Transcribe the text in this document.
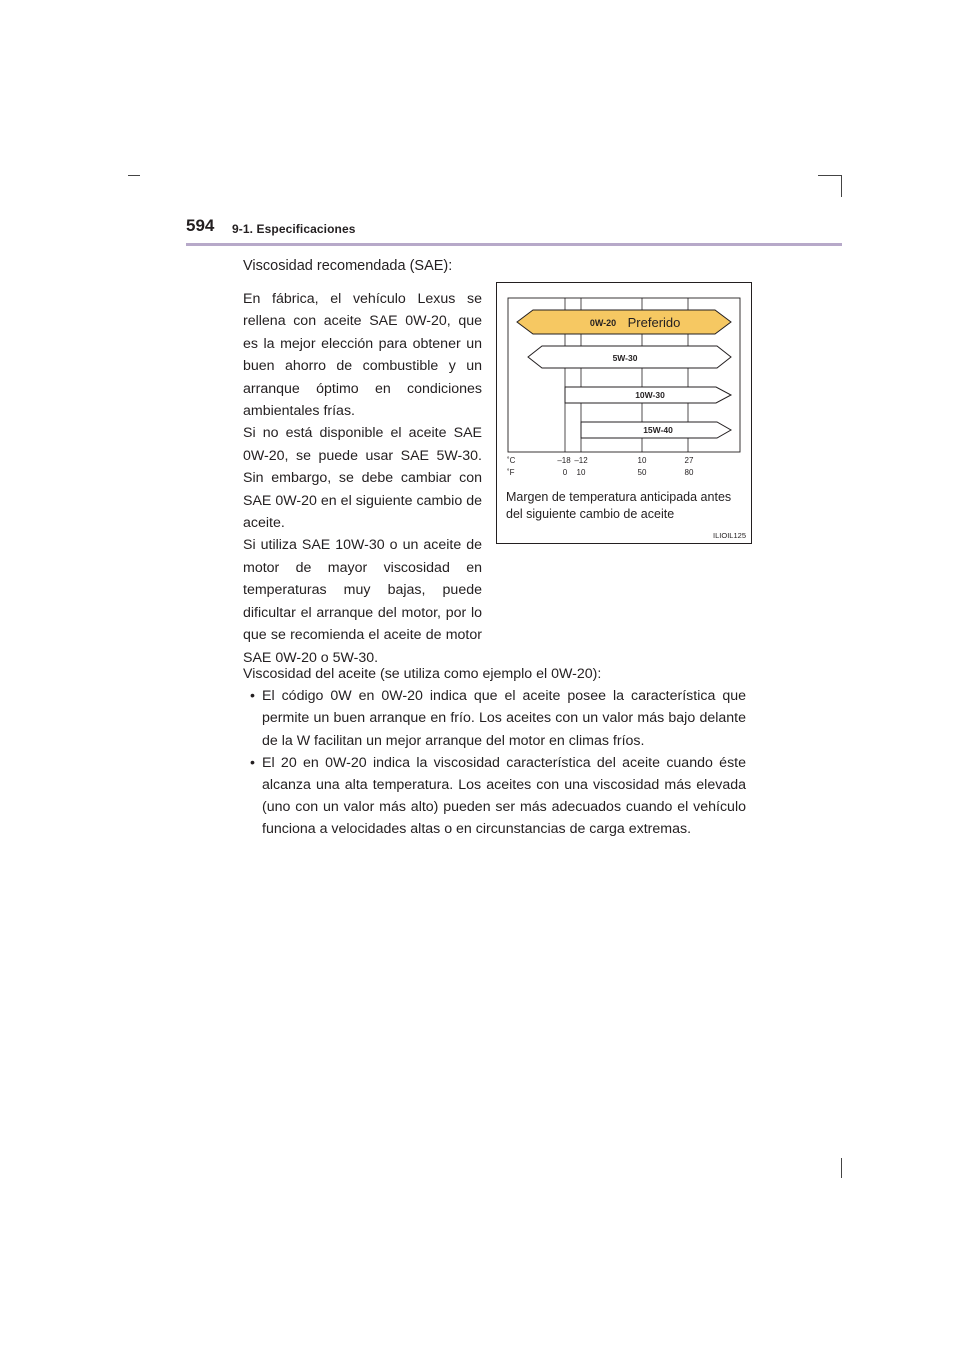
594 9-1. Especificaciones
Viscosidad recomendada (SAE):

En fábrica, el vehículo Lexus se rellena con aceite SAE 0W-20, que es la mejor elección para obtener un buen ahorro de combustible y un arranque óptimo en condiciones ambientales frías.

Si no está disponible el aceite SAE 0W-20, se puede usar SAE 5W-30. Sin embargo, se debe cambiar con SAE 0W-20 en el siguiente cambio de aceite.

Si utiliza SAE 10W-30 o un aceite de motor de mayor viscosidad en temperaturas muy bajas, puede dificultar el arranque del motor, por lo que se recomienda el aceite de motor SAE 0W-20 o 5W-30.

0W-20 Preferido
5W-30
10W-30
15W-40
˚C
˚F
–18 –12	10	27
0 10	50	80
Margen de temperatura anticipada antes del siguiente cambio de aceite
ILIOIL125

Viscosidad del aceite (se utiliza como ejemplo el 0W-20):

• El código 0W en 0W-20 indica que el aceite posee la característica que permite un buen arranque en frío. Los aceites con un valor más bajo delante de la W facilitan un mejor arranque del motor en climas fríos.
• El 20 en 0W-20 indica la viscosidad característica del aceite cuando éste alcanza una alta temperatura. Los aceites con una viscosidad más elevada (uno con un valor más alto) pueden ser más adecuados cuando el vehículo funciona a velocidades altas o en circunstancias de carga extremas.
